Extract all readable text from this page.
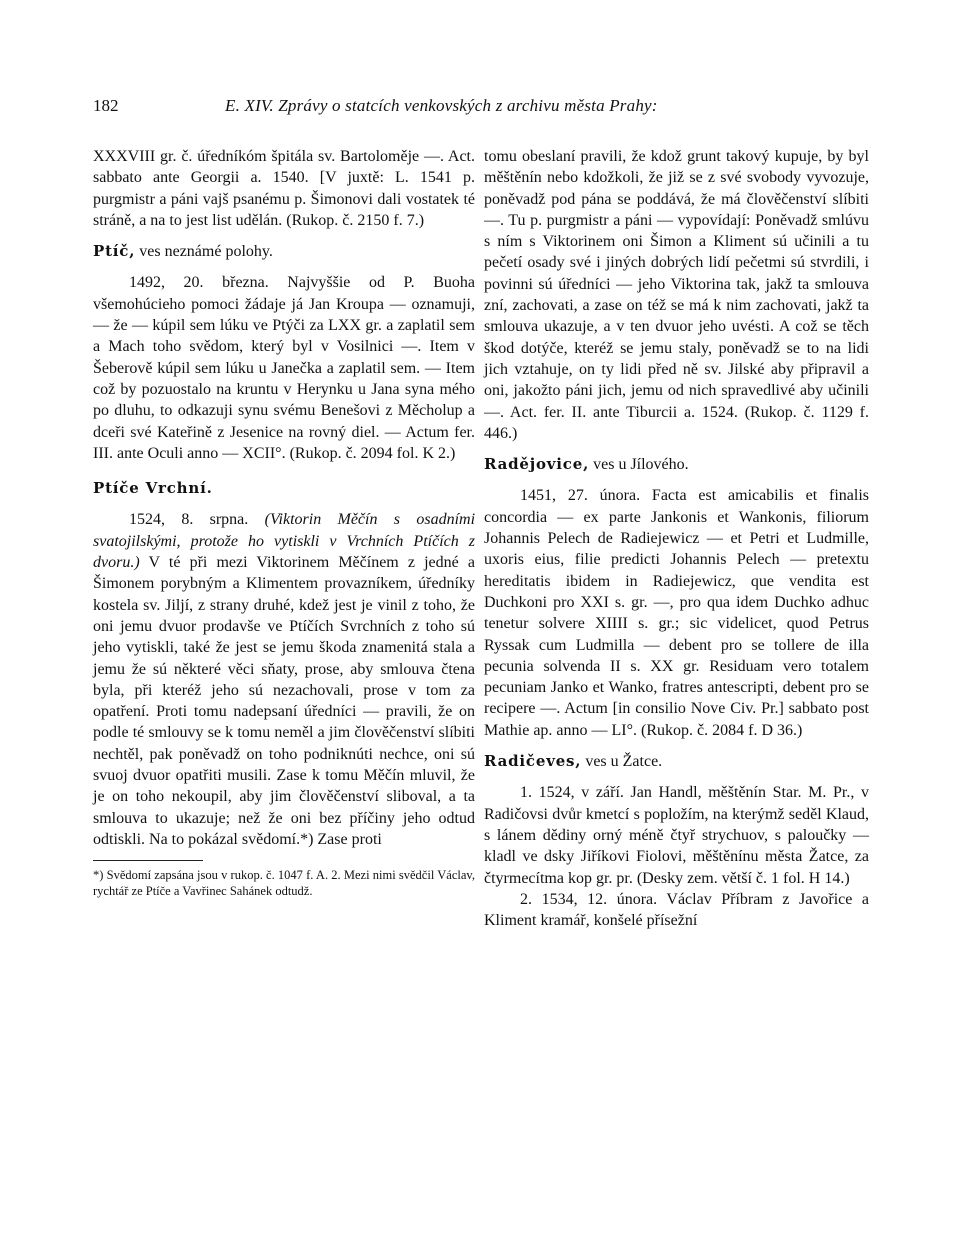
182	E. XIV. Zprávy o statcích venkovských z archivu města Prahy:

XXXVIII gr. č. úředníkóm špitála sv. Bartoloměje —. Act. sabbato ante Georgii a. 1540. [V juxtě: L. 1541 p. purgmistr a páni vajš psanému p. Šimonovi dali vostatek té stráně, a na to jest list udělán. (Rukop. č. 2150 f. 7.)

Ptíč, ves neznámé polohy.

1492, 20. března. Najvyššie od P. Buoha všemohúcieho pomoci žádaje já Jan Kroupa — oznamuji, — že — kúpil sem lúku ve Ptýči za LXX gr. a zaplatil sem a Mach toho svědom, který byl v Vosilnici —. Item v Šeberově kúpil sem lúku u Janečka a zaplatil sem. — Item což by pozuostalo na kruntu v Herynku u Jana syna mého po dluhu, to odkazuji synu svému Benešovi z Měcholup a dceři své Kateřině z Jesenice na rovný diel. — Actum fer. III. ante Oculi anno — XCII°. (Rukop. č. 2094 fol. K 2.)

Ptíče Vrchní.

1524, 8. srpna. (Viktorin Měčín s osadními svatojilskými, protože ho vytiskli v Vrchních Ptíčích z dvoru.) V té při mezi Viktorinem Měčínem z jedné a Šimonem porybným a Klimentem provazníkem, úředníky kostela sv. Jiljí, z strany druhé, kdež jest je vinil z toho, že oni jemu dvuor prodavše ve Ptíčích Svrchních z toho sú jeho vytiskli, také že jest se jemu škoda znamenitá stala a jemu že sú některé věci sňaty, prose, aby smlouva čtena byla, při kteréž jeho sú nezachovali, prose v tom za opatření. Proti tomu nadepsaní úředníci — pravili, že on podle té smlouvy se k tomu neměl a jim člověčenství slíbiti nechtěl, pak poněvadž on toho podniknúti nechce, oni sú svuoj dvuor opatřiti musili. Zase k tomu Měčín mluvil, že je on toho nekoupil, aby jim člověčenství sliboval, a ta smlouva to ukazuje; než že oni bez příčiny jeho odtud odtiskli. Na to pokázal svědomí.*) Zase proti

*) Svědomí zapsána jsou v rukop. č. 1047 f. A. 2. Mezi nimi svědčil Václav, rychtář ze Ptíče a Vavřinec Sahánek odtudž.

tomu obeslaní pravili, že kdož grunt takový kupuje, by byl měštěnín nebo kdožkoli, že již se z své svobody vyvozuje, poněvadž pod pána se poddává, že má člověčenství slíbiti —. Tu p. purgmistr a páni — vypovídají: Poněvadž smlúvu s ním s Viktorinem oni Šimon a Kliment sú učinili a tu pečetí osady své i jiných dobrých lidí pečetmi sú stvrdili, i povinni sú úředníci — jeho Viktorina tak, jakž ta smlouva zní, zachovati, a zase on též se má k nim zachovati, jakž ta smlouva ukazuje, a v ten dvuor jeho uvésti. A což se těch škod dotýče, kteréž se jemu staly, poněvadž se to na lidi jich vztahuje, on ty lidi před ně sv. Jilské aby připravil a oni, jakožto páni jich, jemu od nich spravedlivé aby učinili —. Act. fer. II. ante Tiburcii a. 1524. (Rukop. č. 1129 f. 446.)

Radějovice, ves u Jílového.

1451, 27. února. Facta est amicabilis et finalis concordia — ex parte Jankonis et Wankonis, filiorum Johannis Pelech de Radiejewicz — et Petri et Ludmille, uxoris eius, filie predicti Johannis Pelech — pretextu hereditatis ibidem in Radiejewicz, que vendita est Duchkoni pro XXI s. gr. —, pro qua idem Duchko adhuc tenetur solvere XIIII s. gr.; sic videlicet, quod Petrus Ryssak cum Ludmilla — debent pro se tollere de illa pecunia solvenda II s. XX gr. Residuam vero totalem pecuniam Janko et Wanko, fratres antescripti, debent pro se recipere —. Actum [in consilio Nove Civ. Pr.] sabbato post Mathie ap. anno — LI°. (Rukop. č. 2084 f. D 36.)

Radičeves, ves u Žatce.

1. 1524, v září. Jan Handl, měštěnín Star. M. Pr., v Radičovsi dvůr kmetcí s popložím, na kterýmž seděl Klaud, s lánem dědiny orný méně čtyř strychuov, s paloučky — kladl ve dsky Jiříkovi Fiolovi, měštěnínu města Žatce, za čtyrmecítma kop gr. pr. (Desky zem. větší č. 1 fol. H 14.)

2. 1534, 12. února. Václav Příbram z Javořice a Kliment kramář, konšelé přísežní
